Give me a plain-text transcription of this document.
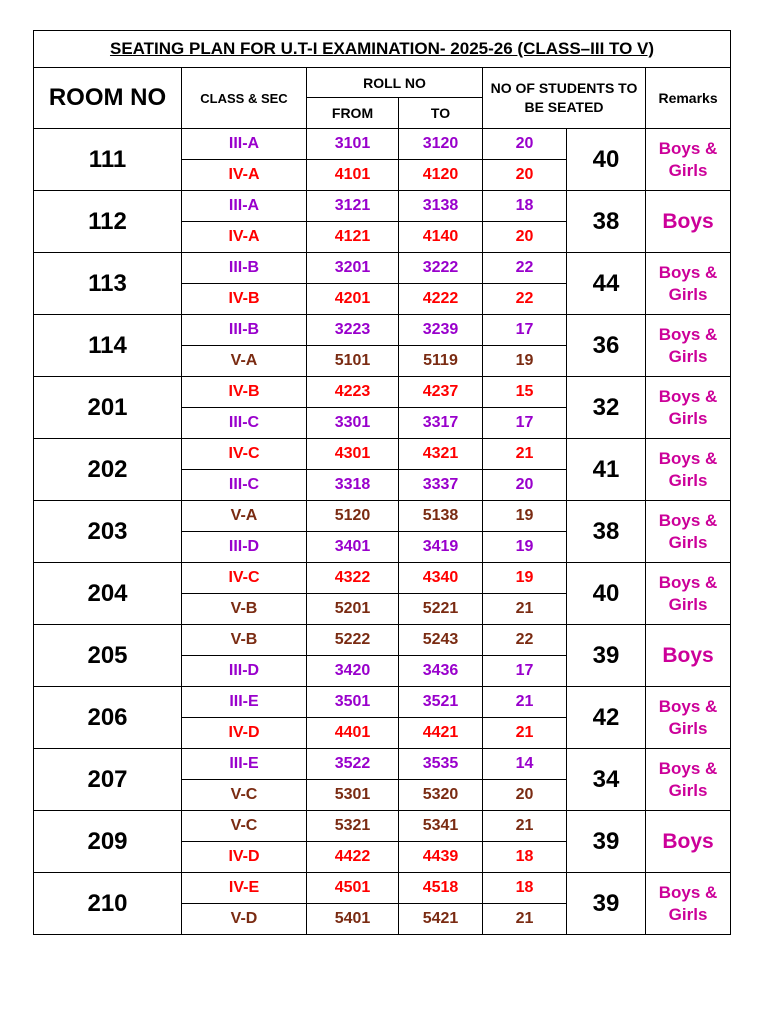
SEATING PLAN FOR U.T-I EXAMINATION- 2025-26 (CLASS–III TO V)						
ROOM NO	CLASS & SEC	ROLL NO		NO OF STUDENTS TO BE SEATED		Remarks
		FROM	TO			
111	III-A	3101	3120	20	40	Boys & Girls
	IV-A	4101	4120	20		
112	III-A	3121	3138	18	38	Boys
	IV-A	4121	4140	20		
113	III-B	3201	3222	22	44	Boys & Girls
	IV-B	4201	4222	22		
114	III-B	3223	3239	17	36	Boys & Girls
	V-A	5101	5119	19		
201	IV-B	4223	4237	15	32	Boys & Girls
	III-C	3301	3317	17		
202	IV-C	4301	4321	21	41	Boys & Girls
	III-C	3318	3337	20		
203	V-A	5120	5138	19	38	Boys & Girls
	III-D	3401	3419	19		
204	IV-C	4322	4340	19	40	Boys & Girls
	V-B	5201	5221	21		
205	V-B	5222	5243	22	39	Boys
	III-D	3420	3436	17		
206	III-E	3501	3521	21	42	Boys & Girls
	IV-D	4401	4421	21		
207	III-E	3522	3535	14	34	Boys & Girls
	V-C	5301	5320	20		
209	V-C	5321	5341	21	39	Boys
	IV-D	4422	4439	18		
210	IV-E	4501	4518	18	39	Boys & Girls
	V-D	5401	5421	21		
